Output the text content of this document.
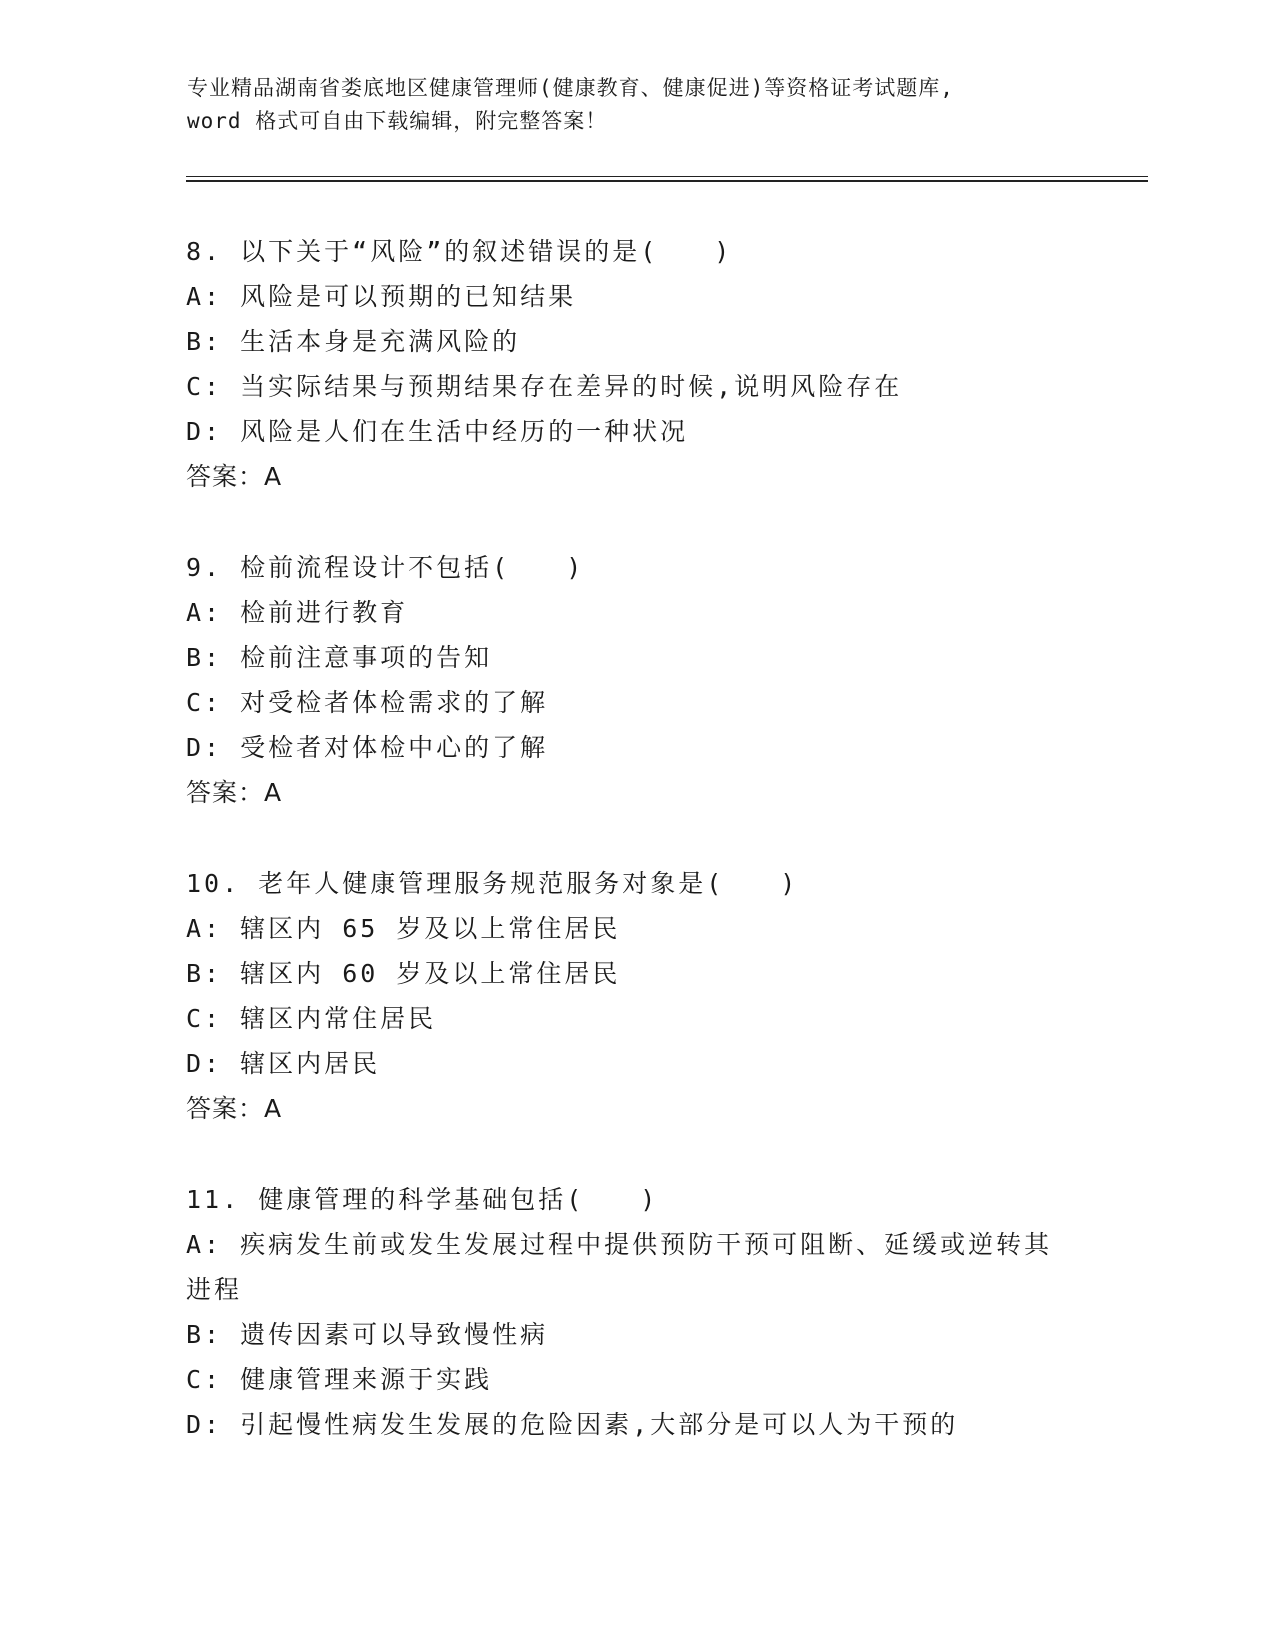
专业精品湖南省娄底地区健康管理师(健康教育、健康促进)等资格证考试题库,
word 格式可自由下载编辑，附完整答案！
8. 以下关于“风险”的叙述错误的是(　　)
A: 风险是可以预期的已知结果
B: 生活本身是充满风险的
C: 当实际结果与预期结果存在差异的时候,说明风险存在
D: 风险是人们在生活中经历的一种状况
答案：A
9. 检前流程设计不包括(　　)
A: 检前进行教育
B: 检前注意事项的告知
C: 对受检者体检需求的了解
D: 受检者对体检中心的了解
答案：A
10. 老年人健康管理服务规范服务对象是(　　)
A: 辖区内 65 岁及以上常住居民
B: 辖区内 60 岁及以上常住居民
C: 辖区内常住居民
D: 辖区内居民
答案：A
11. 健康管理的科学基础包括(　　)
A: 疾病发生前或发生发展过程中提供预防干预可阻断、延缓或逆转其进程
B: 遗传因素可以导致慢性病
C: 健康管理来源于实践
D: 引起慢性病发生发展的危险因素,大部分是可以人为干预的
